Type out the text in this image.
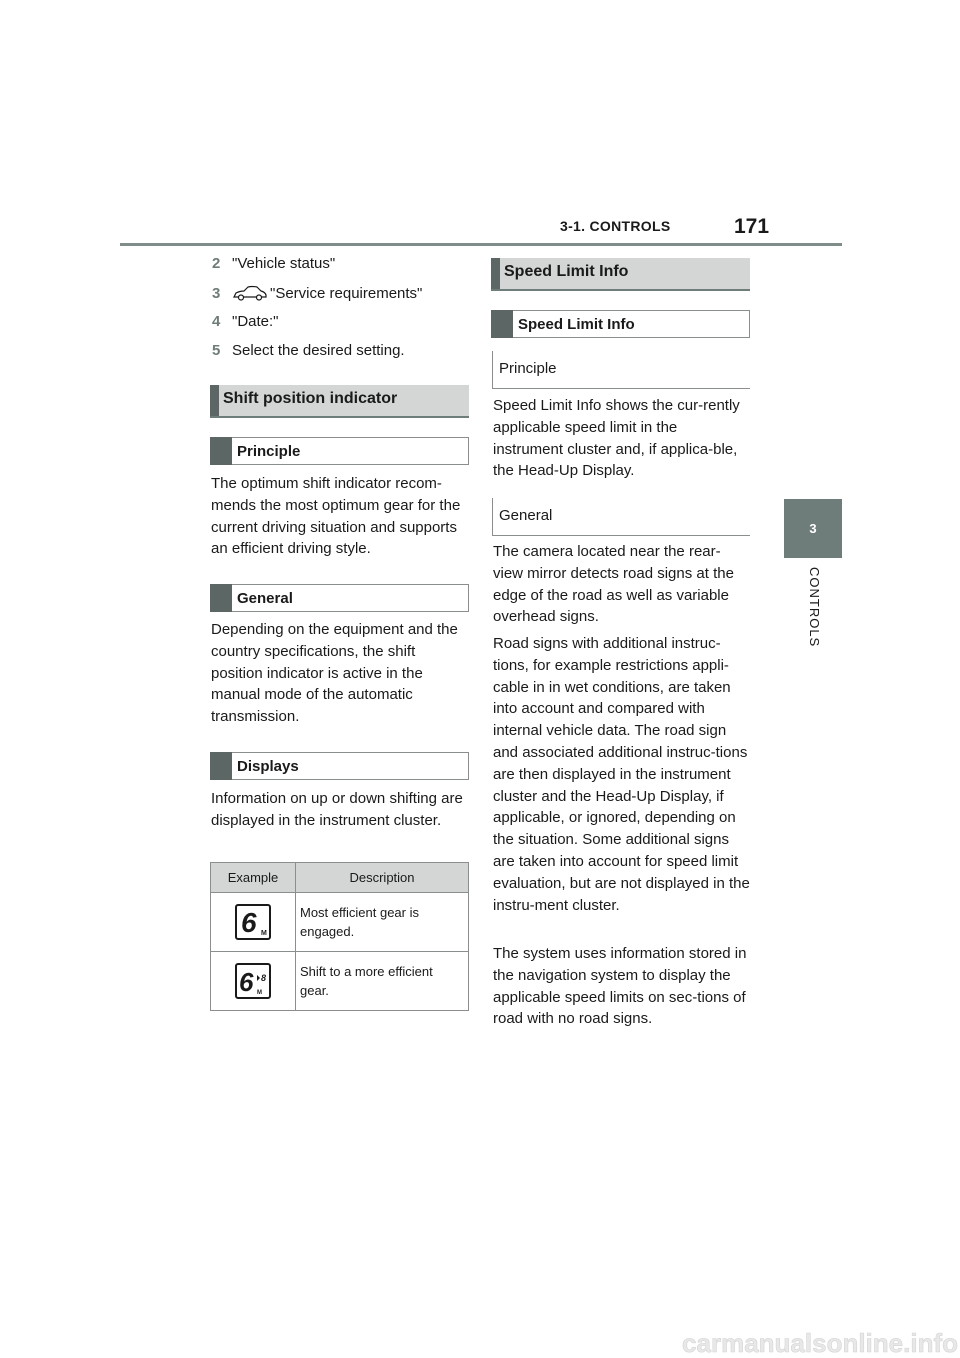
3-1. CONTROLS	171
3
CONTROLS
2 "Vehicle status"
3	"Service requirements"
4 "Date:"
5 Select the desired setting.
Shift position indicator
Principle
The optimum shift indicator recom-mends the most optimum gear for the current driving situation and supports an efficient driving style.
General
Depending on the equipment and the country specifications, the shift position indicator is active in the manual mode of the automatic transmission.
Displays
Information on up or down shifting are displayed in the instrument cluster.
Example	Description

6 M	Most efficient gear is engaged.

6 8
M	Shift to a more efficient gear.
Speed Limit Info
Speed Limit Info
Principle
Speed Limit Info shows the cur-rently applicable speed limit in the instrument cluster and, if applica-ble, the Head-Up Display.
General
The camera located near the rear-view mirror detects road signs at the edge of the road as well as variable overhead signs.
Road signs with additional instruc-tions, for example restrictions appli-cable in in wet conditions, are taken into account and compared with internal vehicle data. The road sign and associated additional instruc-tions are then displayed in the instrument cluster and the Head-Up Display, if applicable, or ignored, depending on the situation. Some additional signs are taken into account for speed limit evaluation, but are not displayed in the instru-ment cluster.
The system uses information stored in the navigation system to display the applicable speed limits on sec-tions of road with no road signs.
carmanualsonline.info
